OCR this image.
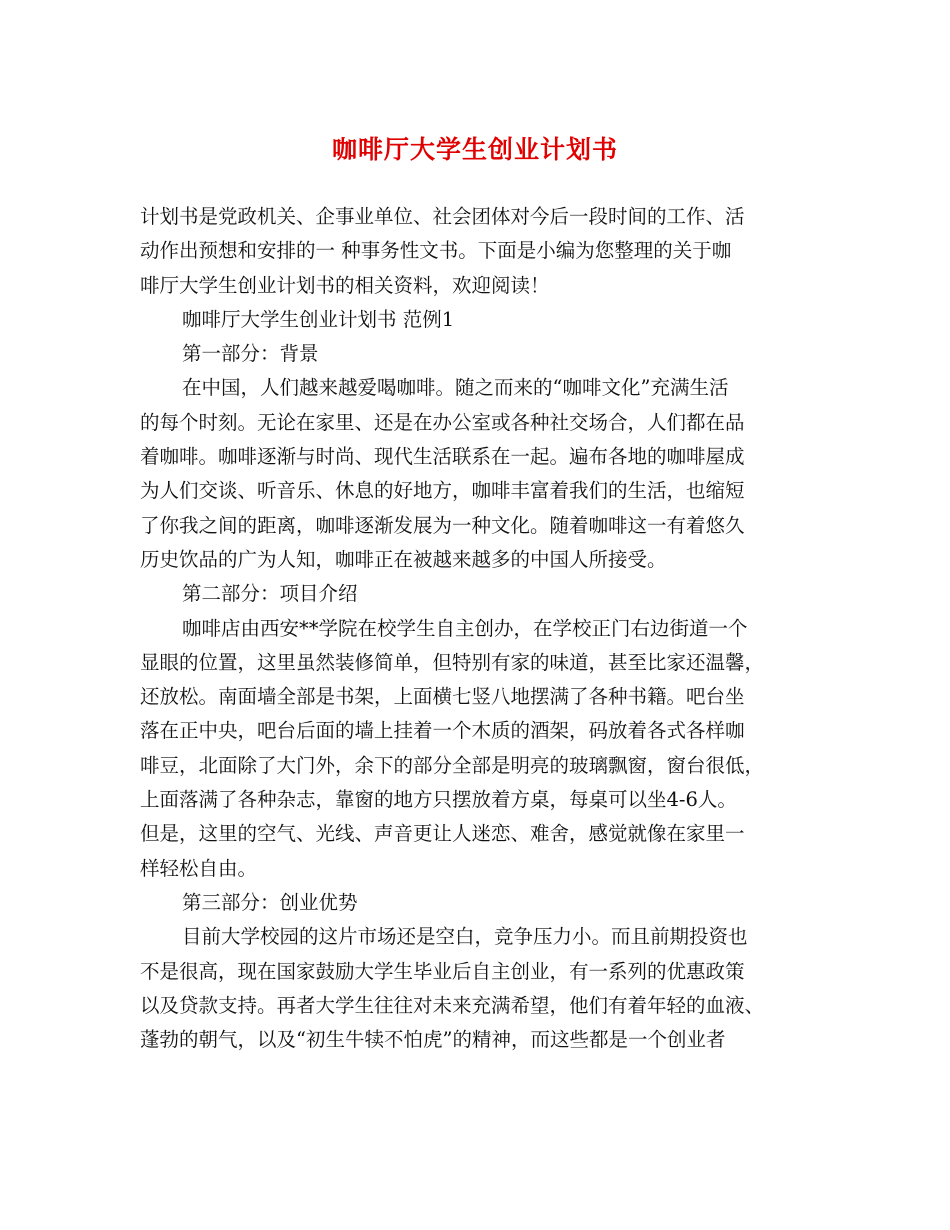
咖啡厅大学生创业计划书
计划书是党政机关、企事业单位、社会团体对今后一段时间的工作、活
动作出预想和安排的一 种事务性文书。下面是小编为您整理的关于咖
啡厅大学生创业计划书的相关资料，欢迎阅读！
咖啡厅大学生创业计划书 范例1
第一部分：背景
在中国，人们越来越爱喝咖啡。随之而来的“咖啡文化”充满生活
的每个时刻。无论在家里、还是在办公室或各种社交场合，人们都在品
着咖啡。咖啡逐渐与时尚、现代生活联系在一起。遍布各地的咖啡屋成
为人们交谈、听音乐、休息的好地方，咖啡丰富着我们的生活，也缩短
了你我之间的距离，咖啡逐渐发展为一种文化。随着咖啡这一有着悠久
历史饮品的广为人知，咖啡正在被越来越多的中国人所接受。
第二部分：项目介绍
咖啡店由西安**学院在校学生自主创办，在学校正门右边街道一个
显眼的位置，这里虽然装修简单，但特别有家的味道，甚至比家还温馨，
还放松。南面墙全部是书架，上面横七竖八地摆满了各种书籍。吧台坐
落在正中央，吧台后面的墙上挂着一个木质的酒架，码放着各式各样咖
啡豆，北面除了大门外，余下的部分全部是明亮的玻璃飘窗，窗台很低，
上面落满了各种杂志，靠窗的地方只摆放着方桌，每桌可以坐4-6人。
但是，这里的空气、光线、声音更让人迷恋、难舍，感觉就像在家里一
样轻松自由。
第三部分：创业优势
目前大学校园的这片市场还是空白，竞争压力小。而且前期投资也
不是很高，现在国家鼓励大学生毕业后自主创业，有一系列的优惠政策
以及贷款支持。再者大学生往往对未来充满希望，他们有着年轻的血液、
蓬勃的朝气，以及“初生牛犊不怕虎”的精神，而这些都是一个创业者
